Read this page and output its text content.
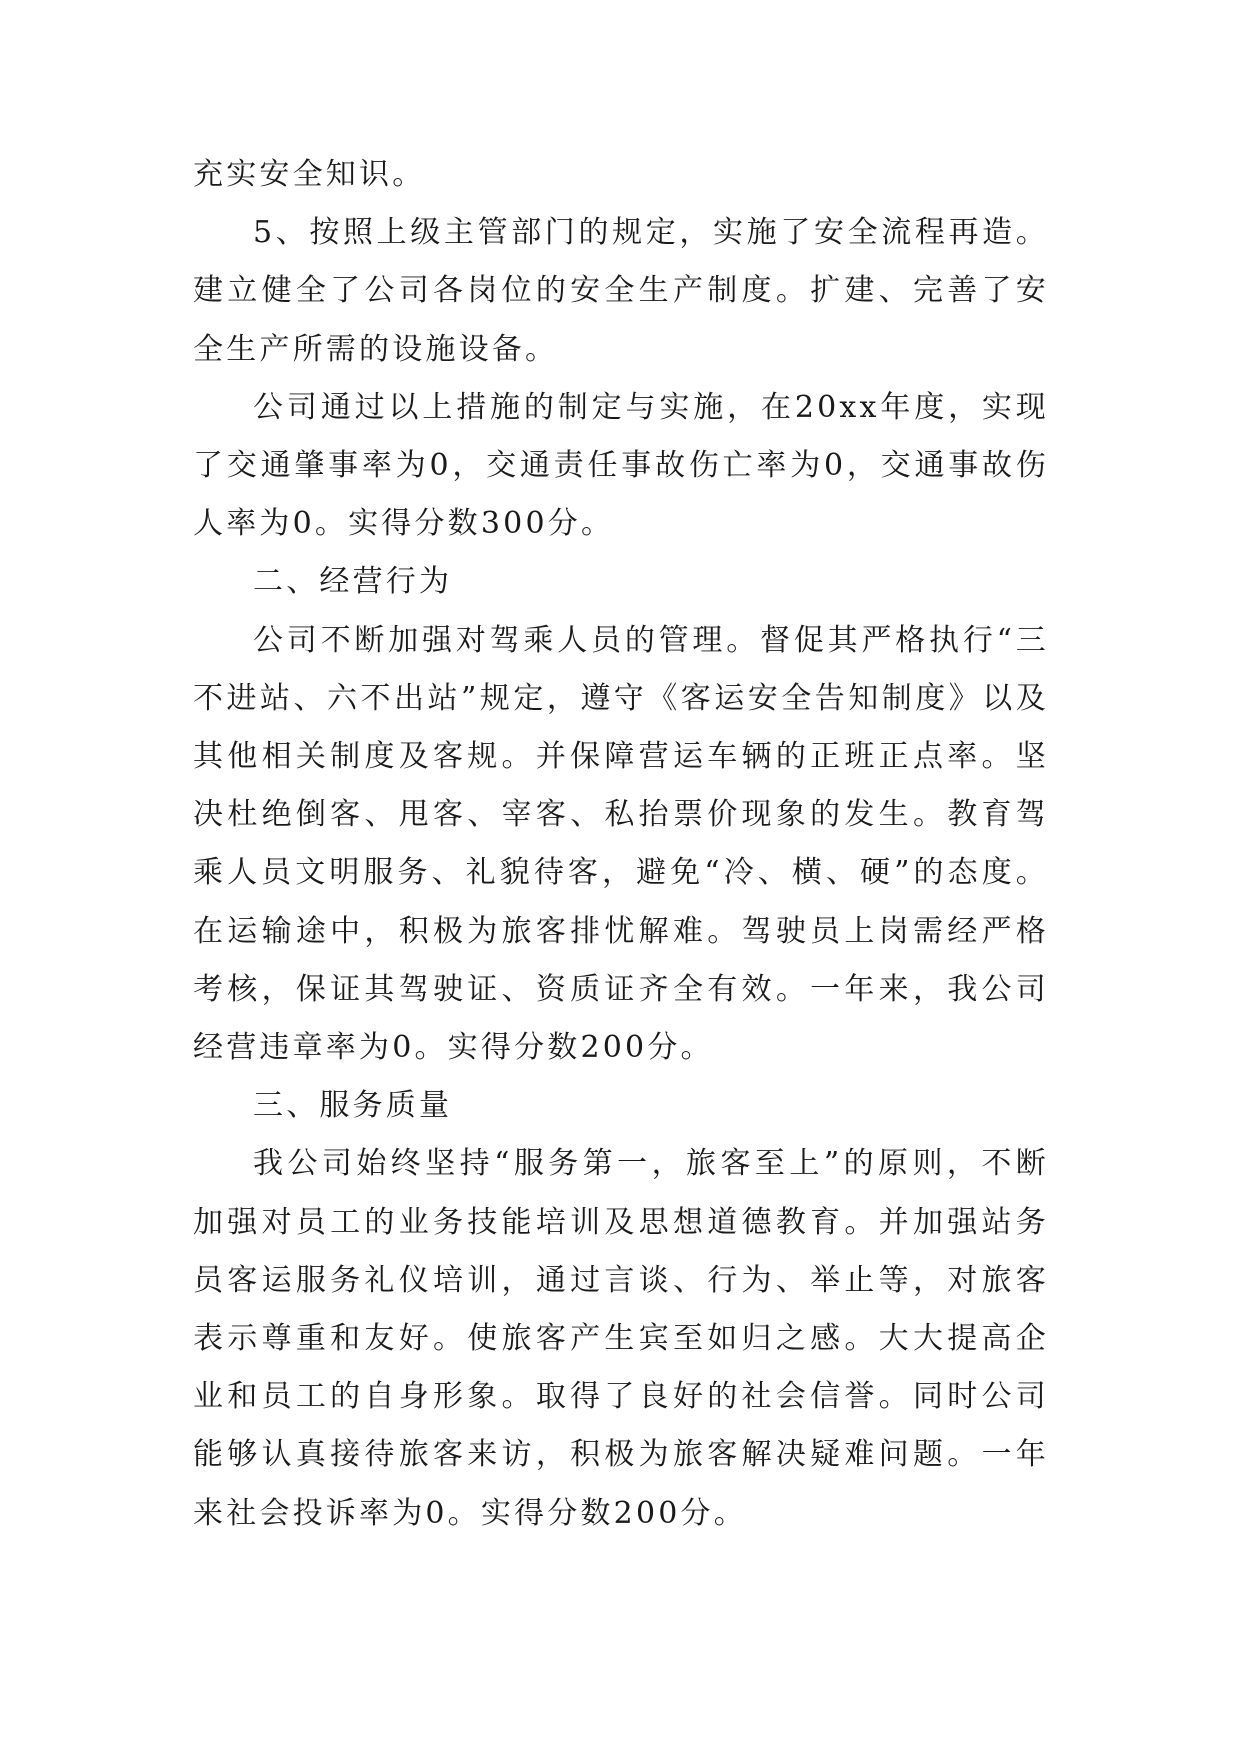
充实安全知识。

5、按照上级主管部门的规定，实施了安全流程再造。建立健全了公司各岗位的安全生产制度。扩建、完善了安全生产所需的设施设备。

公司通过以上措施的制定与实施，在20xx年度，实现了交通肇事率为0，交通责任事故伤亡率为0，交通事故伤人率为0。实得分数300分。

二、经营行为

公司不断加强对驾乘人员的管理。督促其严格执行“三不进站、六不出站”规定，遵守《客运安全告知制度》以及其他相关制度及客规。并保障营运车辆的正班正点率。坚决杜绝倒客、甩客、宰客、私抬票价现象的发生。教育驾乘人员文明服务、礼貌待客，避免“冷、横、硬”的态度。在运输途中，积极为旅客排忧解难。驾驶员上岗需经严格考核，保证其驾驶证、资质证齐全有效。一年来，我公司经营违章率为0。实得分数200分。

三、服务质量

我公司始终坚持“服务第一，旅客至上”的原则，不断加强对员工的业务技能培训及思想道德教育。并加强站务员客运服务礼仪培训，通过言谈、行为、举止等，对旅客表示尊重和友好。使旅客产生宾至如归之感。大大提高企业和员工的自身形象。取得了良好的社会信誉。同时公司能够认真接待旅客来访，积极为旅客解决疑难问题。一年来社会投诉率为0。实得分数200分。
